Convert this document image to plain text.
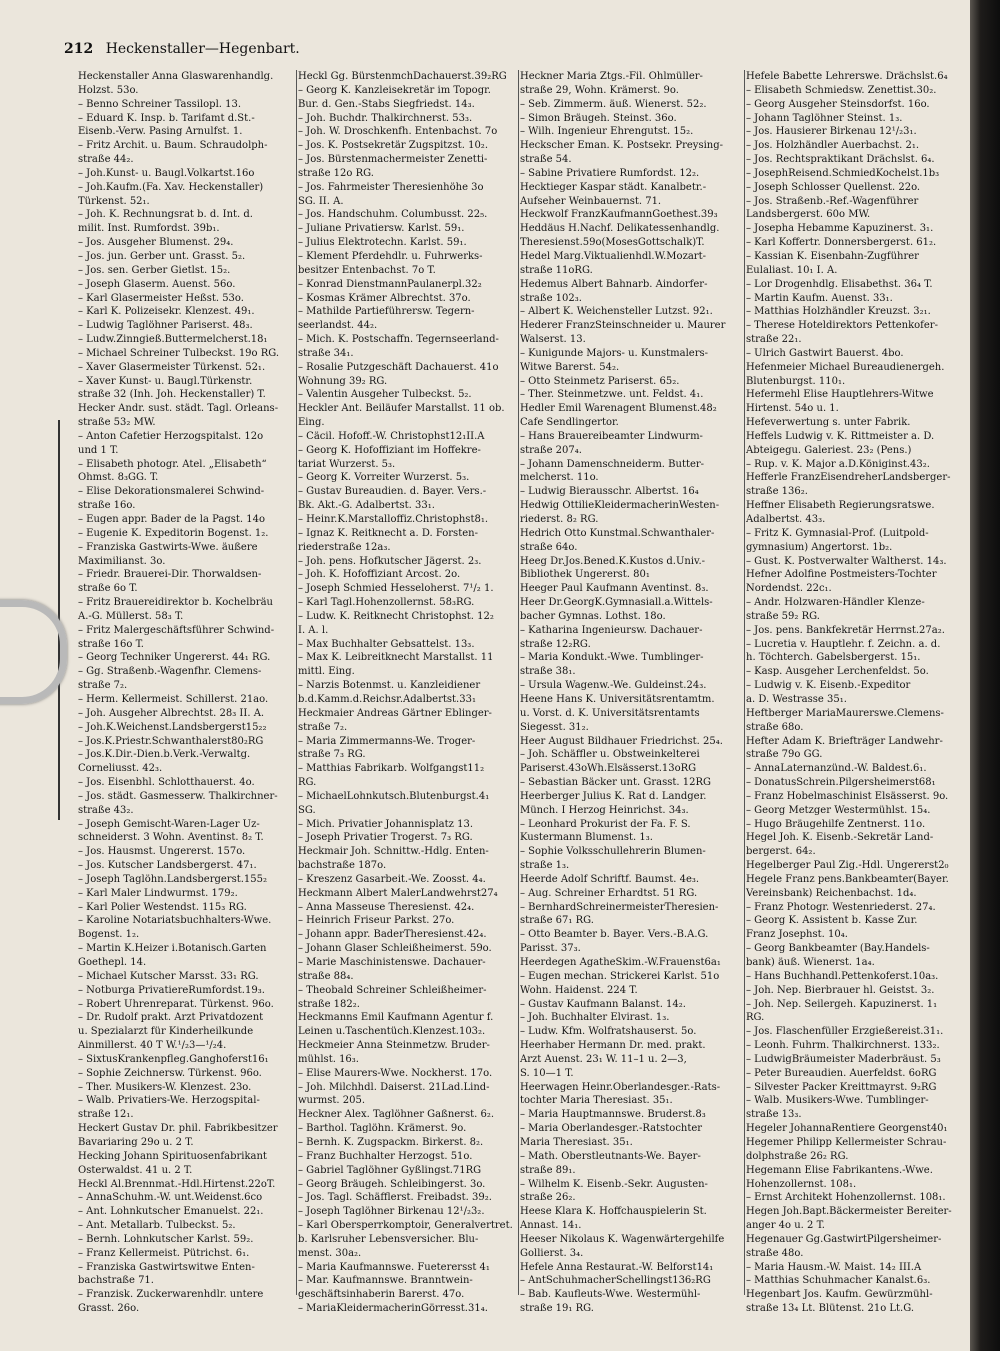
212 Heckenstaller—Hegenbart.
Heckenstaller Anna Glaswarenhandlg.
Holzst. 53o.
– Benno Schreiner Tassilopl. 13.
– Eduard K. Insp. b. Tarifamt d.St.-
Eisenb.-Verw. Pasing Arnulfst. 1.
– Fritz Archit. u. Baum. Schraudolph-
straße 44₂.
– Joh.Kunst- u. Baugl.Volkartst.16o
– Joh.Kaufm.(Fa. Xav. Heckenstaller)
Türkenst. 52₁.
– Joh. K. Rechnungsrat b. d. Int. d.
milit. Inst. Rumfordst. 39b₁.
– Jos. Ausgeher Blumenst. 29₄.
– Jos. jun. Gerber unt. Grasst. 5₂.
– Jos. sen. Gerber Gietlst. 15₂.
– Joseph Glaserm. Auenst. 56o.
– Karl Glasermeister Heßst. 53o.
– Karl K. Polizeisekr. Klenzest. 49₁.
– Ludwig Taglöhner Pariserst. 48₃.
– Ludw.Zinngieß.Buttermelcherst.18₁
– Michael Schreiner Tulbeckst. 19o RG.
– Xaver Glasermeister Türkenst. 52₁.
– Xaver Kunst- u. Baugl.Türkenstr.
straße 32 (Inh. Joh. Heckenstaller) T.
Hecker Andr. sust. städt. Tagl. Orleans-
straße 53₂ MW.
– Anton Cafetier Herzogspitalst. 12o
und 1 T.
– Elisabeth photogr. Atel. „Elisabeth“
Ohmst. 8₃GG. T.
– Elise Dekorationsmalerei Schwind-
straße 16o.
– Eugen appr. Bader de la Pagst. 14o
– Eugenie K. Expeditorin Bogenst. 1₂.
– Franziska Gastwirts-Wwe. äußere
Maximilianst. 3o.
– Friedr. Brauerei-Dir. Thorwaldsen-
straße 6o T.
– Fritz Brauereidirektor b. Kochelbräu
A.-G. Müllerst. 58₃ T.
– Fritz Malergeschäftsführer Schwind-
straße 16o T.
– Georg Techniker Ungererst. 44₁ RG.
– Gg. Straßenb.-Wagenfhr. Clemens-
straße 7₂.
– Herm. Kellermeist. Schillerst. 21ao.
– Joh. Ausgeher Albrechtst. 28₃ II. A.
– Joh.K.Weichenst.Landsbergerst15₂₂
– Jos.K.Priestr.Schwanthalerst80₂RG
– Jos.K.Dir.-Dien.b.Verk.-Verwaltg.
Corneliusst. 42₃.
– Jos. Eisenbhl. Schlotthauerst. 4o.
– Jos. städt. Gasmesserw. Thalkirchner-
straße 43₂.
– Joseph Gemischt-Waren-Lager Uz-
schneiderst. 3 Wohn. Aventinst. 8₂ T.
– Jos. Hausmst. Ungererst. 157o.
– Jos. Kutscher Landsbergerst. 47₁.
– Joseph Taglöhn.Landsbergerst.155₂
– Karl Maler Lindwurmst. 179₂.
– Karl Polier Westendst. 115₃ RG.
– Karoline Notariatsbuchhalters-Wwe.
Bogenst. 1₂.
– Martin K.Heizer i.Botanisch.Garten
Goethepl. 14.
– Michael Kutscher Marsst. 33₁ RG.
– Notburga PrivatiereRumfordst.19₃.
– Robert Uhrenreparat. Türkenst. 96o.
– Dr. Rudolf prakt. Arzt Privatdozent
u. Spezialarzt für Kinderheilkunde
Ainmillerst. 40 T W.¹/₂3—¹/₂4.
– SixtusKrankenpfleg.Ganghoferst16₁
– Sophie Zeichnersw. Türkenst. 96o.
– Ther. Musikers-W. Klenzest. 23o.
– Walb. Privatiers-We. Herzogspital-
straße 12₁.
Heckert Gustav Dr. phil. Fabrikbesitzer
Bavariaring 29o u. 2 T.
Hecking Johann Spirituosenfabrikant
Osterwaldst. 41 u. 2 T.
Heckl Al.Brennmat.-Hdl.Hirtenst.22oT.
– AnnaSchuhm.-W. unt.Weidenst.6co
– Ant. Lohnkutscher Emanuelst. 22₁.
– Ant. Metallarb. Tulbeckst. 5₂.
– Bernh. Lohnkutscher Karlst. 59₂.
– Franz Kellermeist. Pütrichst. 6₁.
– Franziska Gastwirtswitwe Enten-
bachstraße 71.
– Franzisk. Zuckerwarenhdlr. untere
Grasst. 26o.
Heckl Gg. BürstenmchDachauerst.39₂RG
– Georg K. Kanzleisekretär im Topogr.
Bur. d. Gen.-Stabs Siegfriedst. 14₃.
– Joh. Buchdr. Thalkirchnerst. 53₃.
– Joh. W. Droschkenfh. Entenbachst. 7o
– Jos. K. Postsekretär Zugspitzst. 10₂.
– Jos. Bürstenmachermeister Zenetti-
straße 12o RG.
– Jos. Fahrmeister Theresienhöhe 3o
SG. II. A.
– Jos. Handschuhm. Columbusst. 22₅.
– Juliane Privatiersw. Karlst. 59₁.
– Julius Elektrotechn. Karlst. 59₁.
– Klement Pferdehdlr. u. Fuhrwerks-
besitzer Entenbachst. 7o T.
– Konrad DienstmannPaulanerpl.32₂
– Kosmas Krämer Albrechtst. 37o.
– Mathilde Partieführersw. Tegern-
seerlandst. 44₂.
– Mich. K. Postschaffn. Tegernseerland-
straße 34₁.
– Rosalie Putzgeschäft Dachauerst. 41o
Wohnung 39₂ RG.
– Valentin Ausgeher Tulbeckst. 5₂.
Heckler Ant. Beiläufer Marstallst. 11 ob.
Eing.
– Cäcil. Hofoff.-W. Christophst12₁II.A
– Georg K. Hofoffiziant im Hoffekre-
tariat Wurzerst. 5₃.
– Georg K. Vorreiter Wurzerst. 5₃.
– Gustav Bureaudien. d. Bayer. Vers.-
Bk. Akt.-G. Adalbertst. 33₁.
– Heinr.K.Marstalloffiz.Christophst8₁.
– Ignaz K. Reitknecht a. D. Forsten-
riederstraße 12a₃.
– Joh. pens. Hofkutscher Jägerst. 2₃.
– Joh. K. Hofoffiziant Arcost. 2o.
– Joseph Schmied Hesseloherst. 7¹/₂ 1.
– Karl Tagl.Hohenzollernst. 58₃RG.
– Ludw. K. Reitknecht Christophst. 12₂
I. A. l.
– Max Buchhalter Gebsattelst. 13₃.
– Max K. Leibreitknecht Marstallst. 11
mittl. Eing.
– Narzis Botenmst. u. Kanzleidiener
b.d.Kamm.d.Reichsr.Adalbertst.33₁
Heckmaier Andreas Gärtner Eblinger-
straße 7₂.
– Maria Zimmermanns-We. Troger-
straße 7₃ RG.
– Matthias Fabrikarb. Wolfgangst11₂
RG.
– MichaelLohnkutsch.Blutenburgst.4₁
SG.
– Mich. Privatier Johannisplatz 13.
– Joseph Privatier Trogerst. 7₃ RG.
Heckmair Joh. Schnittw.-Hdlg. Enten-
bachstraße 187o.
– Kreszenz Gasarbeit.-We. Zoosst. 4₄.
Heckmann Albert MalerLandwehrst27₄
– Anna Masseuse Theresienst. 42₄.
– Heinrich Friseur Parkst. 27o.
– Johann appr. BaderTheresienst.42₄.
– Johann Glaser Schleißheimerst. 59o.
– Marie Maschinistenswe. Dachauer-
straße 88₄.
– Theobald Schreiner Schleißheimer-
straße 182₂.
Heckmanns Emil Kaufmann Agentur f.
Leinen u.Taschentüch.Klenzest.103₂.
Heckmeier Anna Steinmetzw. Bruder-
mühlst. 16₃.
– Elise Maurers-Wwe. Nockherst. 17o.
– Joh. Milchhdl. Daiserst. 21Lad.Lind-
wurmst. 205.
Heckner Alex. Taglöhner Gaßnerst. 6₂.
– Barthol. Taglöhn. Krämerst. 9o.
– Bernh. K. Zugspackm. Birkerst. 8₂.
– Franz Buchhalter Herzogst. 51o.
– Gabriel Taglöhner Gyßlingst.71RG
– Georg Bräugeh. Schleibingerst. 3o.
– Jos. Tagl. Schäfflerst. Freibadst. 39₂.
– Joseph Taglöhner Birkenau 12¹/₂3₂.
– Karl Obersperrkomptoir, Generalvertret.
b. Karlsruher Lebensversicher. Blu-
menst. 30a₂.
– Maria Kaufmannswe. Fueterersst 4₁
– Mar. Kaufmannswe. Branntwein-
geschäftsinhaberin Barerst. 47o.
– MariaKleidermacherinGörresst.31₄.
Heckner Maria Ztgs.-Fil. Ohlmüller-
straße 29, Wohn. Krämerst. 9o.
– Seb. Zimmerm. äuß. Wienerst. 52₂.
– Simon Bräugeh. Steinst. 36o.
– Wilh. Ingenieur Ehrengutst. 15₂.
Heckscher Eman. K. Postsekr. Preysing-
straße 54.
– Sabine Privatiere Rumfordst. 12₂.
Hecktieger Kaspar städt. Kanalbetr.-
Aufseher Weinbauernst. 71.
Heckwolf FranzKaufmannGoethest.39₃
Heddäus H.Nachf. Delikatessenhandlg.
Theresienst.59o(MosesGottschalk)T.
Hedel Marg.Viktualienhdl.W.Mozart-
straße 11oRG.
Hedemus Albert Bahnarb. Aindorfer-
straße 102₃.
– Albert K. Weichensteller Lutzst. 92₁.
Hederer FranzSteinschneider u. Maurer
Walserst. 13.
– Kunigunde Majors- u. Kunstmalers-
Witwe Barerst. 54₂.
– Otto Steinmetz Pariserst. 65₂.
– Ther. Steinmetzwe. unt. Feldst. 4₁.
Hedler Emil Warenagent Blumenst.48₂
Cafe Sendlingertor.
– Hans Brauereibeamter Lindwurm-
straße 207₄.
– Johann Damenschneiderm. Butter-
melcherst. 11o.
– Ludwig Bierausschr. Albertst. 16₄
Hedwig OttilieKleidermacherinWesten-
riederst. 8₂ RG.
Hedrich Otto Kunstmal.Schwanthaler-
straße 64o.
Heeg Dr.Jos.Bened.K.Kustos d.Univ.-
Bibliothek Ungererst. 80₁
Heeger Paul Kaufmann Aventinst. 8₃.
Heer Dr.GeorgK.Gymnasiall.a.Wittels-
bacher Gymnas. Lothst. 18o.
– Katharina Ingenieursw. Dachauer-
straße 12₂RG.
– Maria Kondukt.-Wwe. Tumblinger-
straße 38₁.
– Ursula Wagenw.-We. Guldeinst.24₃.
Heene Hans K. Universitätsrentamtm.
u. Vorst. d. K. Universitätsrentamts
Siegesst. 31₂.
Heer August Bildhauer Friedrichst. 25₄.
– Joh. Schäffler u. Obstweinkelterei
Pariserst.43oWh.Elsässerst.13oRG
– Sebastian Bäcker unt. Grasst. 12RG
Heerberger Julius K. Rat d. Landger.
Münch. I Herzog Heinrichst. 34₃.
– Leonhard Prokurist der Fa. F. S.
Kustermann Blumenst. 1₃.
– Sophie Volksschullehrerin Blumen-
straße 1₃.
Heerde Adolf Schriftf. Baumst. 4e₃.
– Aug. Schreiner Erhardtst. 51 RG.
– BernhardSchreinermeisterTheresien-
straße 67₁ RG.
– Otto Beamter b. Bayer. Vers.-B.A.G.
Parisst. 37₃.
Heerdegen AgatheSkim.-W.Frauenst6a₁
– Eugen mechan. Strickerei Karlst. 51o
Wohn. Haidenst. 224 T.
– Gustav Kaufmann Balanst. 14₂.
– Joh. Buchhalter Elvirast. 1₃.
– Ludw. Kfm. Wolfratshauserst. 5o.
Heerhaber Hermann Dr. med. prakt.
Arzt Auenst. 23₁ W. 11–1 u. 2—3,
S. 10—1 T.
Heerwagen Heinr.Oberlandesger.-Rats-
tochter Maria Theresiast. 35₁.
– Maria Hauptmannswe. Bruderst.8₃
– Maria Oberlandesger.-Ratstochter
Maria Theresiast. 35₁.
– Math. Oberstleutnants-We. Bayer-
straße 89₁.
– Wilhelm K. Eisenb.-Sekr. Augusten-
straße 26₂.
Heese Klara K. Hoffchauspielerin St.
Annast. 14₁.
Heeser Nikolaus K. Wagenwärtergehilfe
Gollierst. 3₄.
Hefele Anna Restaurat.-W. Belforst14₁
– AntSchuhmacherSchellingst136₂RG
– Bab. Kaufleuts-Wwe. Westermühl-
straße 19₁ RG.
Hefele Babette Lehrerswe. Drächslst.6₄
– Elisabeth Schmiedsw. Zenettist.30₂.
– Georg Ausgeher Steinsdorfst. 16o.
– Johann Taglöhner Steinst. 1₃.
– Jos. Hausierer Birkenau 12¹/₂3₁.
– Jos. Holzhändler Auerbachst. 2₁.
– Jos. Rechtspraktikant Drächslst. 6₄.
– JosephReisend.SchmiedKochelst.1b₃
– Joseph Schlosser Quellenst. 22o.
– Jos. Straßenb.-Ref.-Wagenführer
Landsbergerst. 60o MW.
– Josepha Hebamme Kapuzinerst. 3₁.
– Karl Koffertr. Donnersbergerst. 61₂.
– Kassian K. Eisenbahn-Zugführer
Eulaliast. 10₁ I. A.
– Lor Drogenhdlg. Elisabethst. 36₄ T.
– Martin Kaufm. Auenst. 33₁.
– Matthias Holzhändler Kreuzst. 3₂₁.
– Therese Hoteldirektors Pettenkofer-
straße 22₁.
– Ulrich Gastwirt Bauerst. 4bo.
Hefenmeier Michael Bureaudienergeh.
Blutenburgst. 110₁.
Hefermehl Elise Hauptlehrers-Witwe
Hirtenst. 54o u. 1.
Hefeverwertung s. unter Fabrik.
Heffels Ludwig v. K. Rittmeister a. D.
Abteigegu. Galeriest. 23₂ (Pens.)
– Rup. v. K. Major a.D.Königinst.43₂.
Hefferle FranzEisendreherLandsberger-
straße 136₂.
Heffner Elisabeth Regierungsratswe.
Adalbertst. 43₃.
– Fritz K. Gymnasial-Prof. (Luitpold-
gymnasium) Angertorst. 1b₂.
– Gust. K. Postverwalter Waltherst. 14₃.
Hefner Adolfine Postmeisters-Tochter
Nordendst. 22c₁.
– Andr. Holzwaren-Händler Klenze-
straße 59₂ RG.
– Jos. pens. Bankfekretär Herrnst.27a₂.
– Lucretia v. Hauptlehr. f. Zeichn. a. d.
h. Töchterch. Gabelsbergerst. 15₁.
– Kasp. Ausgeher Lerchenfeldst. 5o.
– Ludwig v. K. Eisenb.-Expeditor
a. D. Westrasse 35₁.
Heftberger MariaMaurerswe.Clemens-
straße 68o.
Hefter Adam K. Briefträger Landwehr-
straße 79o GG.
– AnnaLaternanzünd.-W. Baldest.6₁.
– DonatusSchrein.Pilgersheimerst68₁
– Franz Hobelmaschinist Elsässerst. 9o.
– Georg Metzger Westermühlst. 15₄.
– Hugo Bräugehilfe Zentnerst. 11o.
Hegel Joh. K. Eisenb.-Sekretär Land-
bergerst. 64₂.
Hegelberger Paul Zig.-Hdl. Ungererst2₀
Hegele Franz pens.Bankbeamter(Bayer.
Vereinsbank) Reichenbachst. 1d₄.
– Franz Photogr. Westenriederst. 27₄.
– Georg K. Assistent b. Kasse Zur.
Franz Josephst. 10₄.
– Georg Bankbeamter (Bay.Handels-
bank) äuß. Wienerst. 1a₄.
– Hans Buchhandl.Pettenkoferst.10a₃.
– Joh. Nep. Bierbrauer hl. Geistst. 3₂.
– Joh. Nep. Seilergeh. Kapuzinerst. 1₁
RG.
– Jos. Flaschenfüller Erzgießereist.31₁.
– Leonh. Fuhrm. Thalkirchnerst. 133₂.
– LudwigBräumeister Maderbräust. 5₃
– Peter Bureaudien. Auerfeldst. 6oRG
– Silvester Packer Kreittmayrst. 9₂RG
– Walb. Musikers-Wwe. Tumblinger-
straße 13₃.
Hegeler JohannaRentiere Georgenst40₁
Hegemer Philipp Kellermeister Schrau-
dolphstraße 26₂ RG.
Hegemann Elise Fabrikantens.-Wwe.
Hohenzollernst. 108₁.
– Ernst Architekt Hohenzollernst. 108₁.
Hegen Joh.Bapt.Bäckermeister Bereiter-
anger 4o u. 2 T.
Hegenauer Gg.GastwirtPilgersheimer-
straße 48o.
– Maria Hausm.-W. Maist. 14₂ III.A
– Matthias Schuhmacher Kanalst.6₃.
Hegenbart Jos. Kaufm. Gewürzmühl-
straße 13₄ Lt. Blütenst. 21o Lt.G.
